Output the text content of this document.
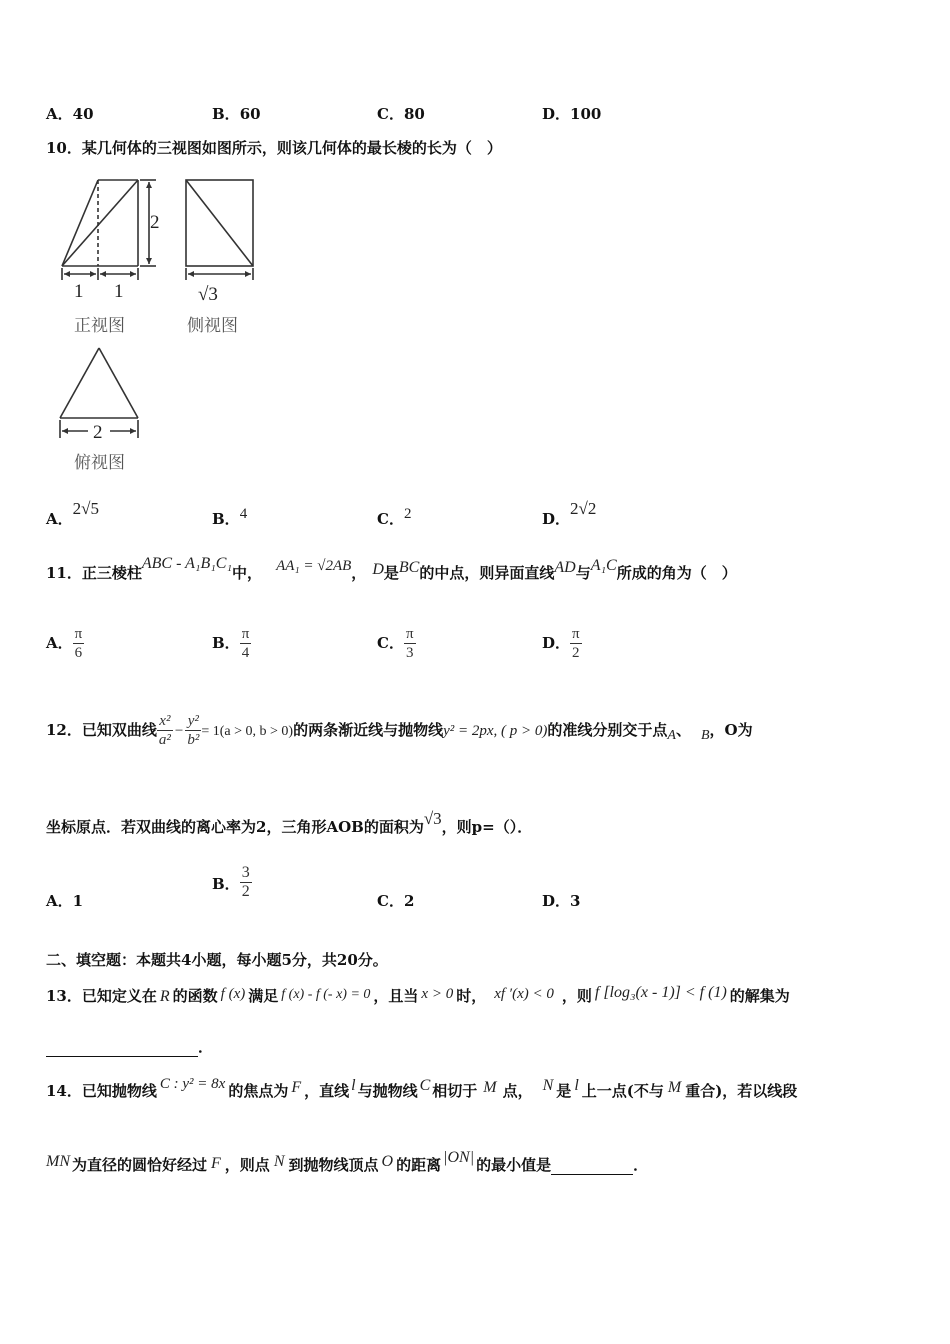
A．40	B．60	C．80	D．100
10．某几何体的三视图如图所示，则该几何体的最长棱的长为（　）
2
1 1
正视图
√3
侧视图
2
俯视图
A．2√5
B．4	C．2	D．2√2
11．正三棱柱ABC - A₁B₁C₁中， AA₁ = √2AB， D是BC的中点，则异面直线AD与A₁C所成的角为（　）
A． $\frac{\pi}{6}$	B． $\frac{\pi}{4}$	C． $\frac{\pi}{3}$	D． $\frac{\pi}{2}$
12．已知双曲线 $\frac{\text{x²}}{\text{a²}} - \frac{\text{y²}}{\text{b²}} = 1(a > 0$, b > 0)的两条渐近线与抛物线y² = 2px, ( p > 0)的准线分别交于点A、 B，O为
坐标原点．若双曲线的离心率为2，三角形AOB的面积为√3，则p=（）．
A．1
B． $\frac{3}{2}$	C．2	D．3
二、填空题：本题共4小题，每小题5分，共20分。
13．已知定义在 R 的函数 f (x) 满足 f (x) - f (- x) = 0 ，且当 x > 0 时， xf ′(x) < 0 ，则 f [log₃(x - 1)] < f (1) 的解集为
．
14．已知抛物线 C : y² = 8x 的焦点为 F ，直线 l 与抛物线 C 相切于 M 点， N 是 l 上一点(不与 M 重合)，若以线段
MN 为直径的圆恰好经过 F ，则点 N 到抛物线顶点 O 的距离 |ON| 的最小值是	．
